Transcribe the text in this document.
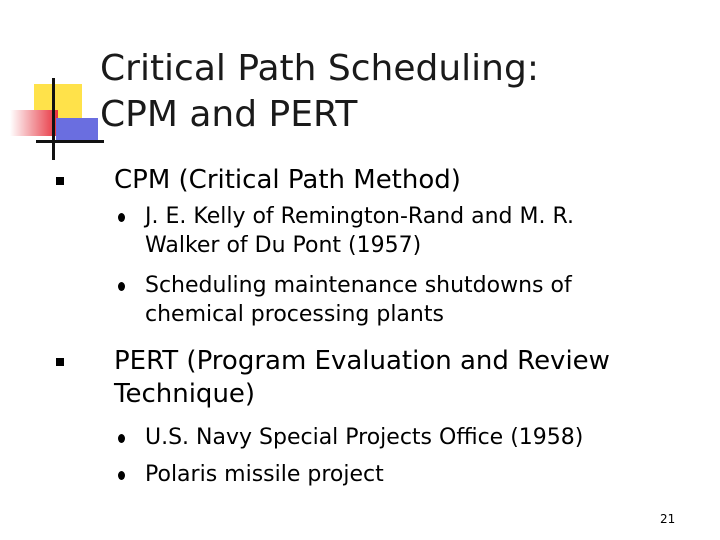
Critical Path Scheduling:
CPM and PERT
CPM (Critical Path Method)
J. E. Kelly of Remington-Rand and M. R.
Walker of Du Pont (1957)
Scheduling maintenance shutdowns of
chemical processing plants
PERT (Program Evaluation and Review
Technique)
U.S. Navy Special Projects Office (1958)
Polaris missile project
21
